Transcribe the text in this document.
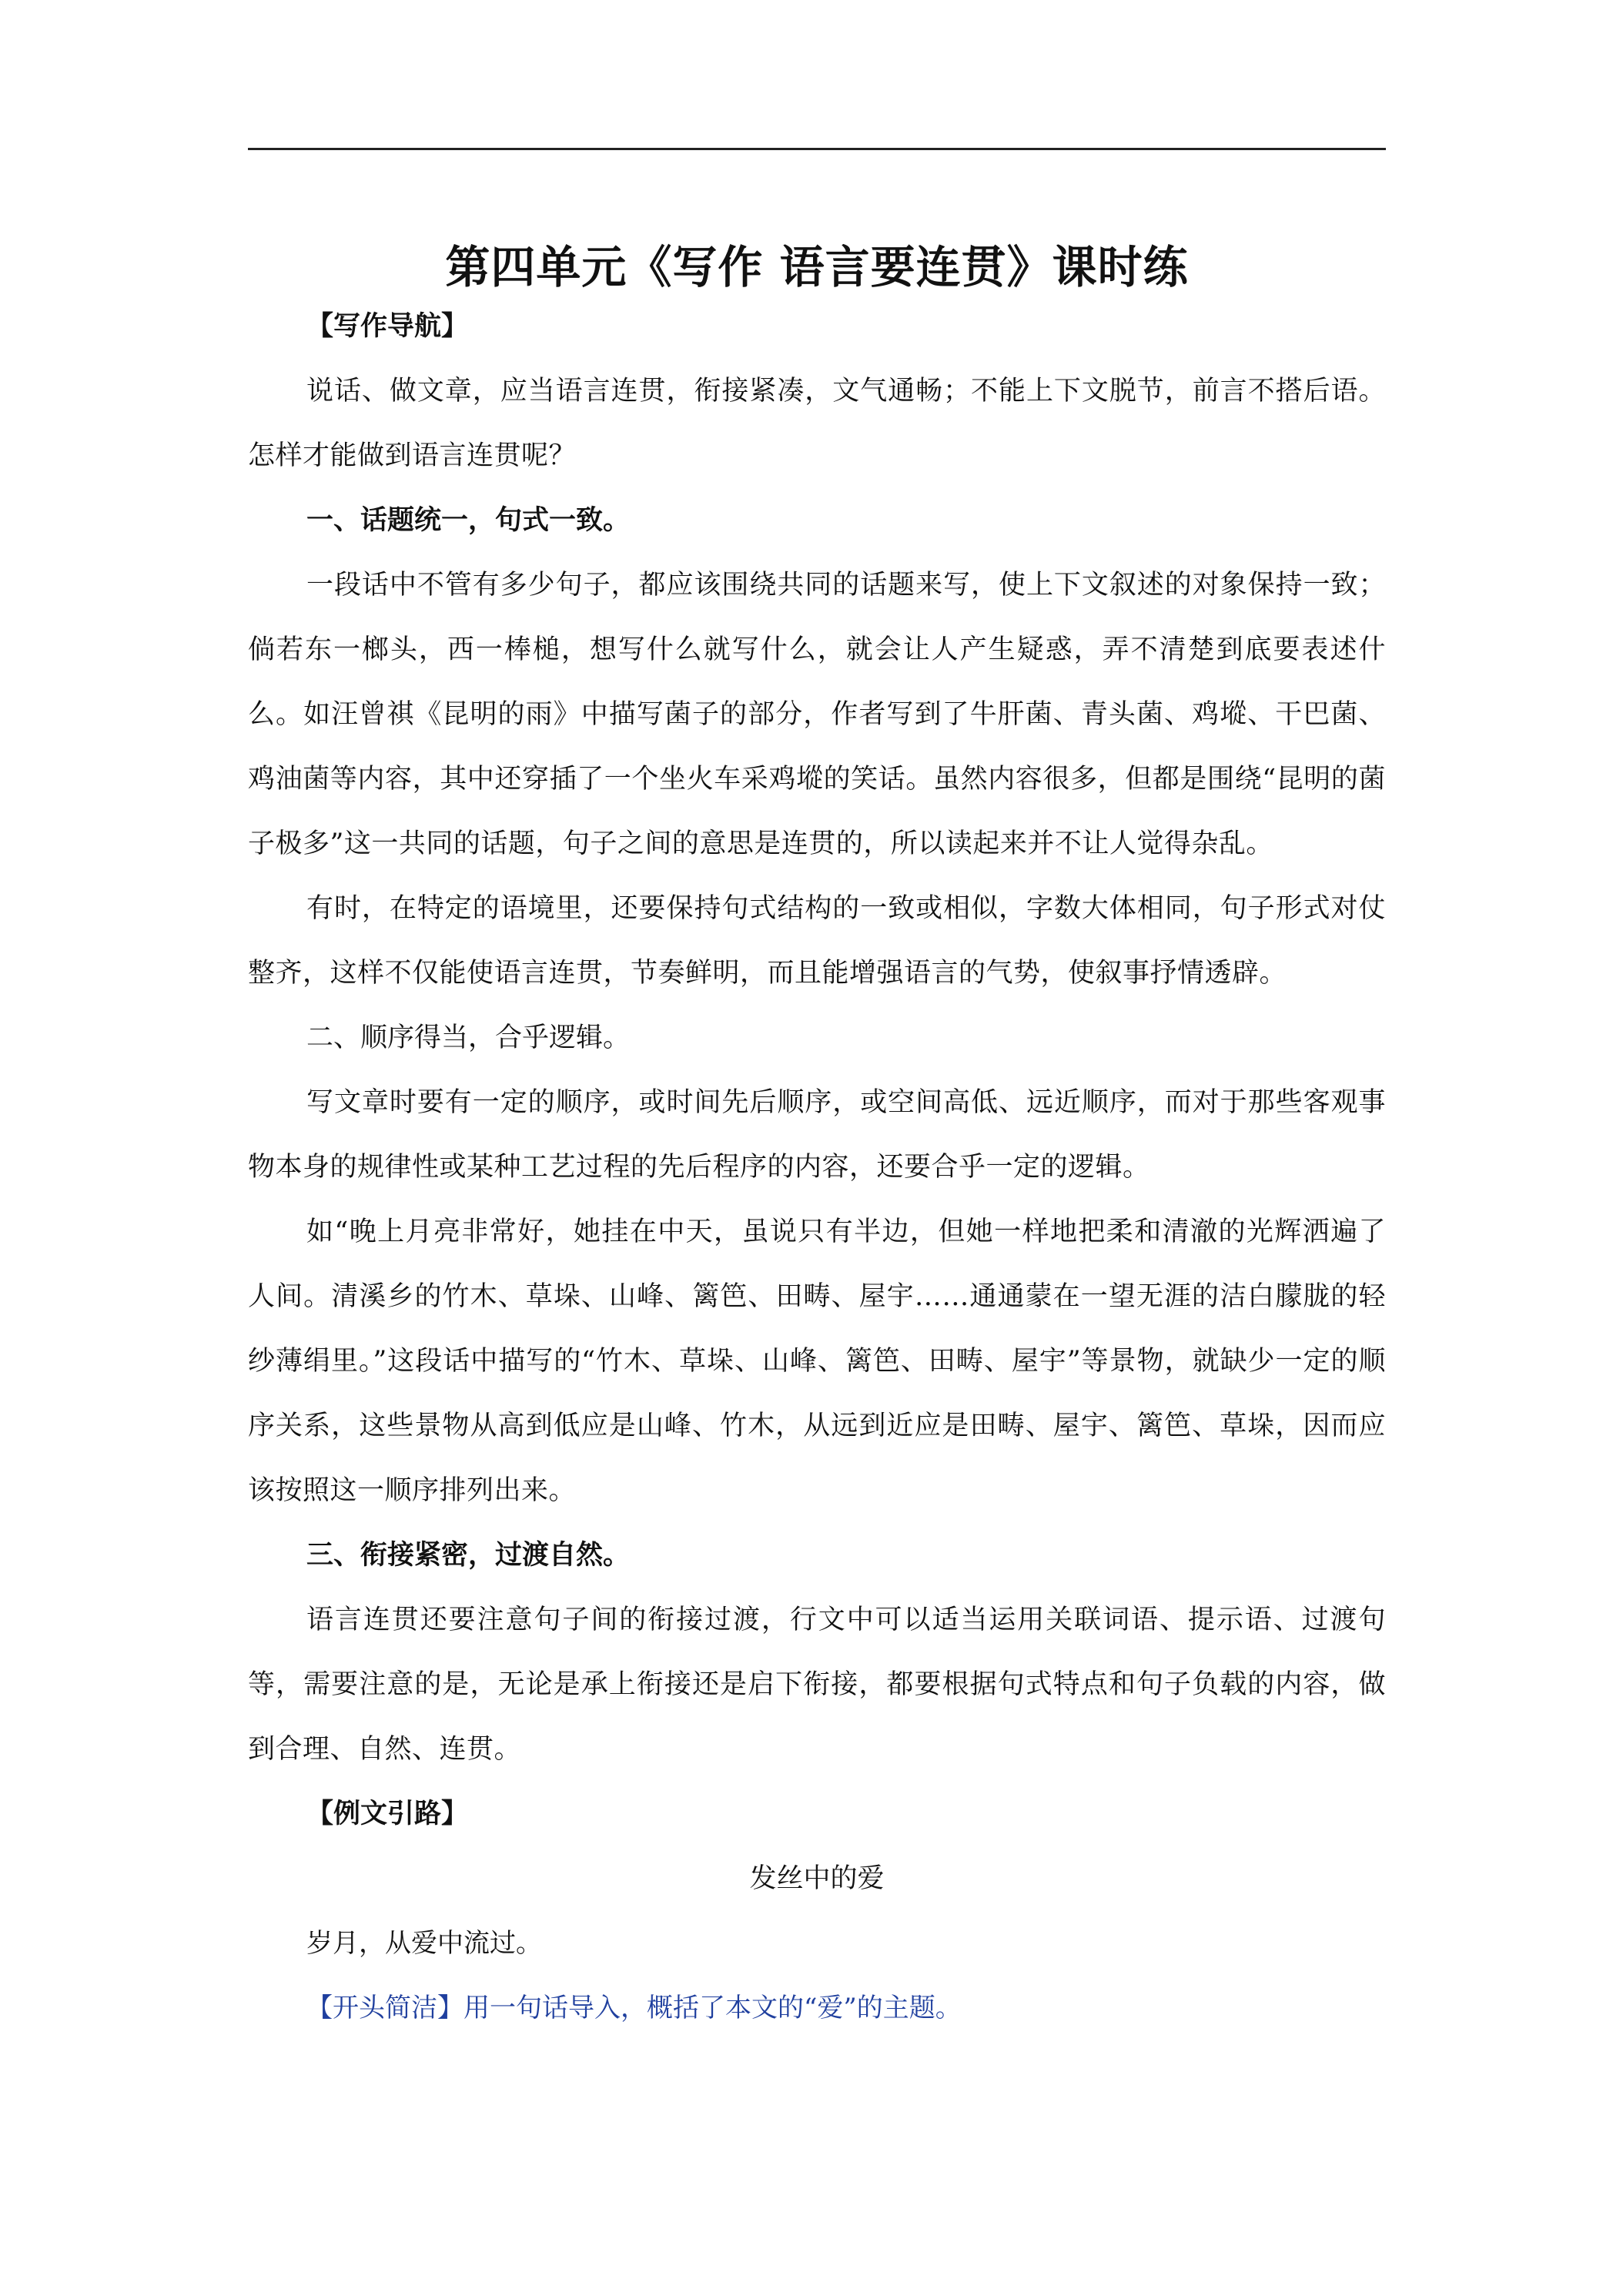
第四单元《写作 语言要连贯》课时练

【写作导航】

说话、做文章，应当语言连贯，衔接紧凑，文气通畅；不能上下文脱节，前言不搭后语。怎样才能做到语言连贯呢？

一、话题统一，句式一致。

一段话中不管有多少句子，都应该围绕共同的话题来写，使上下文叙述的对象保持一致；倘若东一榔头，西一棒槌，想写什么就写什么，就会让人产生疑惑，弄不清楚到底要表述什么。如汪曾祺《昆明的雨》中描写菌子的部分，作者写到了牛肝菌、青头菌、鸡㙡、干巴菌、鸡油菌等内容，其中还穿插了一个坐火车采鸡㙡的笑话。虽然内容很多，但都是围绕“昆明的菌子极多”这一共同的话题，句子之间的意思是连贯的，所以读起来并不让人觉得杂乱。

有时，在特定的语境里，还要保持句式结构的一致或相似，字数大体相同，句子形式对仗整齐，这样不仅能使语言连贯，节奏鲜明，而且能增强语言的气势，使叙事抒情透辟。

二、顺序得当，合乎逻辑。

写文章时要有一定的顺序，或时间先后顺序，或空间高低、远近顺序，而对于那些客观事物本身的规律性或某种工艺过程的先后程序的内容，还要合乎一定的逻辑。

如“晚上月亮非常好，她挂在中天，虽说只有半边，但她一样地把柔和清澈的光辉洒遍了人间。清溪乡的竹木、草垛、山峰、篱笆、田畴、屋宇……通通蒙在一望无涯的洁白朦胧的轻纱薄绢里。”这段话中描写的“竹木、草垛、山峰、篱笆、田畴、屋宇”等景物，就缺少一定的顺序关系，这些景物从高到低应是山峰、竹木，从远到近应是田畴、屋宇、篱笆、草垛，因而应该按照这一顺序排列出来。

三、衔接紧密，过渡自然。

语言连贯还要注意句子间的衔接过渡，行文中可以适当运用关联词语、提示语、过渡句等，需要注意的是，无论是承上衔接还是启下衔接，都要根据句式特点和句子负载的内容，做到合理、自然、连贯。

【例文引路】

发丝中的爱

岁月，从爱中流过。

【开头简洁】用一句话导入，概括了本文的“爱”的主题。
